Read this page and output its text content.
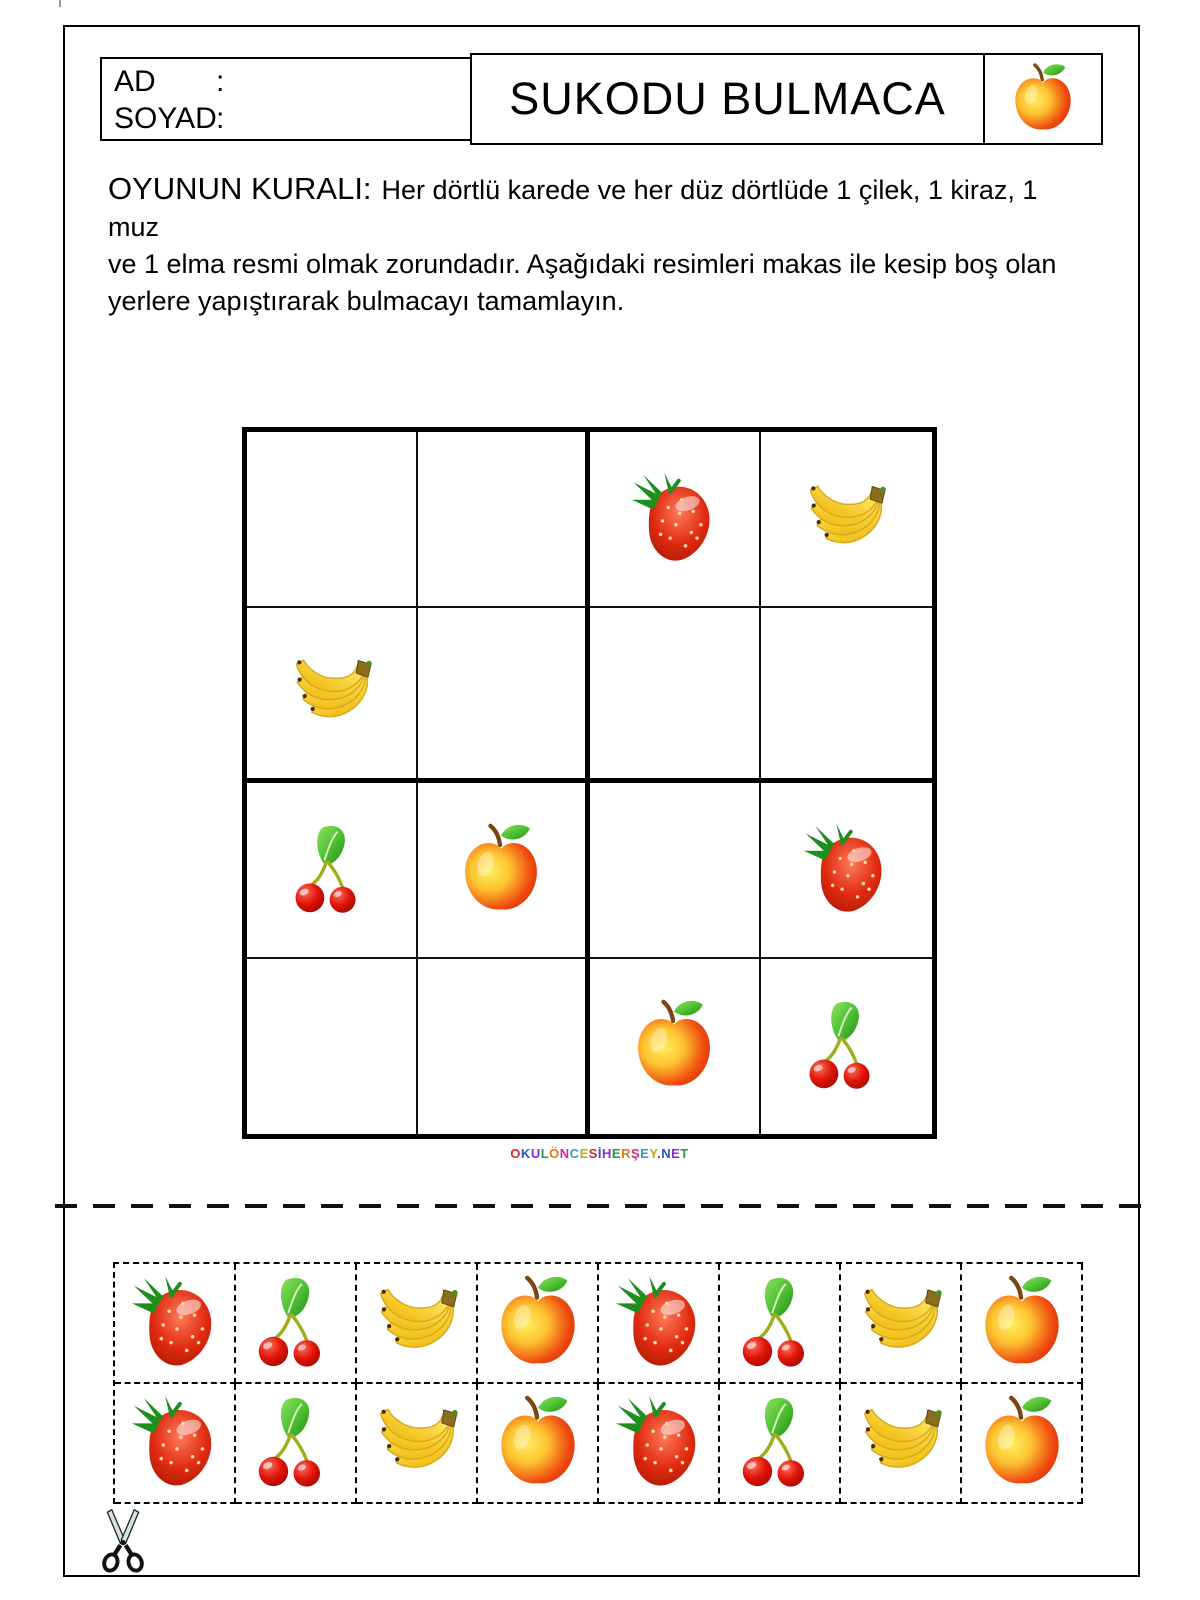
AD :
SOYAD:	SUKODU BULMACA
OYUNUN KURALI: Her dörtlü karede ve her düz dörtlüde 1 çilek, 1 kiraz, 1 muz
ve 1 elma resmi olmak zorundadır. Aşağıdaki resimleri makas ile kesip boş olan
yerlere yapıştırarak bulmacayı tamamlayın.
OKULÖNCESİHERŞEY.NET
